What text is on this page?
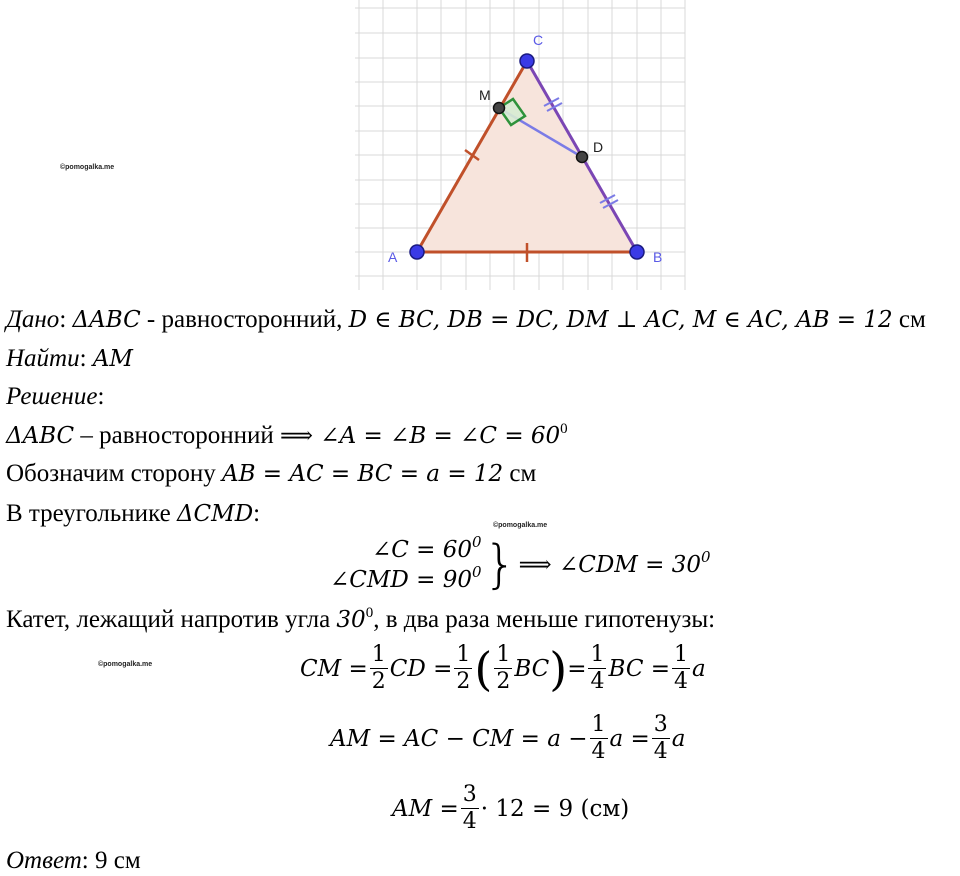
A	B
C
D
M
©pomogalka.me
©pomogalka.me
©pomogalka.me
Дано: ΔABC - равносторонний, D ∈ BC, DB = DC, DM ⊥ AC, M ∈ AC, AB = 12 см
Найти: AM
Решение:
ΔABC – равносторонний ⟹ ∠A = ∠B = ∠C = $60^0$
Обозначим сторону AB = AC = BC = a = 12 см
В треугольнике ΔCMD:
∠C = $60^0$
∠CMD = $90^0$ } ⟹ ∠CDM = $30^0$
Катет, лежащий напротив угла $30^0$, в два раза меньше гипотенузы:
CM = $\frac{1}{2}$ CD = $\frac{1}{2}$ ( $\frac{1}{2}$ BC ) = $\frac{1}{4}$ BC = $\frac{1}{4}$ a
AM = AC − CM = $a - \frac{1}{4}$ $a = \frac{3}{4}$ a
AM = $\frac{3}{4} \cdot 12 = 9$ (см)
Ответ: 9 см
